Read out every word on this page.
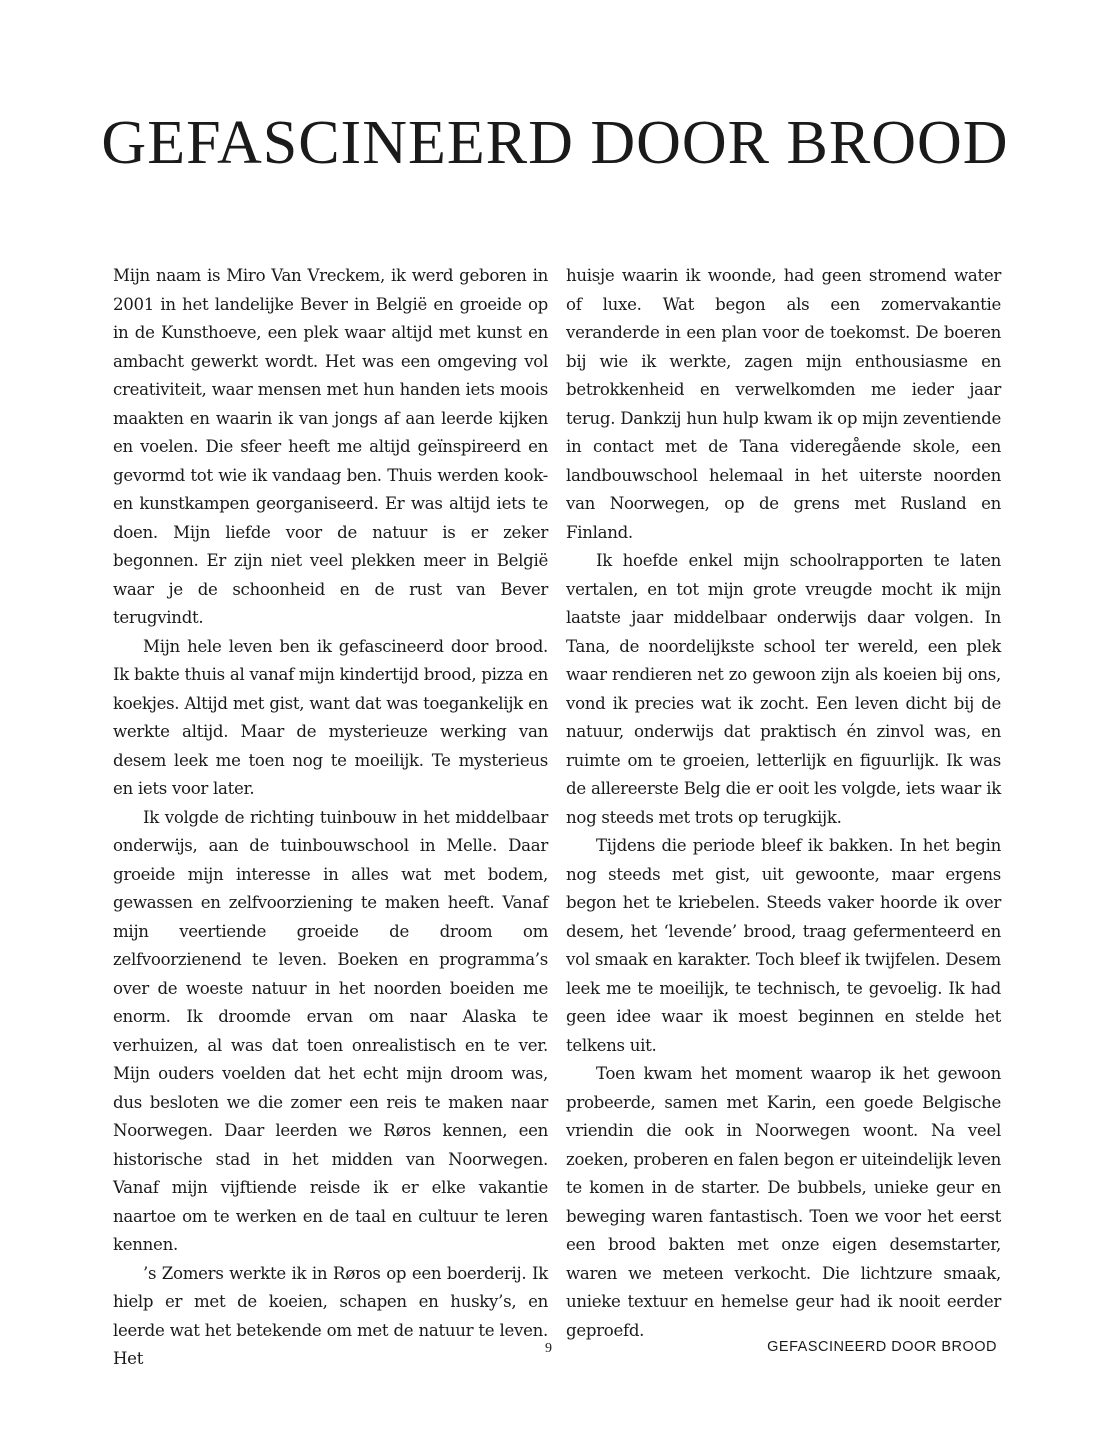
GEFASCINEERD DOOR BROOD

Mijn naam is Miro Van Vreckem, ik werd geboren in 2001 in het landelijke Bever in België en groeide op in de Kunsthoeve, een plek waar altijd met kunst en ambacht gewerkt wordt. Het was een omgeving vol creativiteit, waar mensen met hun handen iets moois maakten en waarin ik van jongs af aan leerde kijken en voelen. Die sfeer heeft me altijd geïnspireerd en gevormd tot wie ik vandaag ben. Thuis werden kook- en kunstkampen georganiseerd. Er was altijd iets te doen. Mijn liefde voor de natuur is er zeker begonnen. Er zijn niet veel plekken meer in België waar je de schoonheid en de rust van Bever terugvindt.

Mijn hele leven ben ik gefascineerd door brood. Ik bakte thuis al vanaf mijn kindertijd brood, pizza en koekjes. Altijd met gist, want dat was toegankelijk en werkte altijd. Maar de mysterieuze werking van desem leek me toen nog te moeilijk. Te mysterieus en iets voor later.

Ik volgde de richting tuinbouw in het middelbaar onderwijs, aan de tuinbouwschool in Melle. Daar groeide mijn interesse in alles wat met bodem, gewassen en zelfvoorziening te maken heeft. Vanaf mijn veertiende groeide de droom om zelfvoorzienend te leven. Boeken en programma’s over de woeste natuur in het noorden boeiden me enorm. Ik droomde ervan om naar Alaska te verhuizen, al was dat toen onrealistisch en te ver. Mijn ouders voelden dat het echt mijn droom was, dus besloten we die zomer een reis te maken naar Noorwegen. Daar leerden we Røros kennen, een historische stad in het midden van Noorwegen. Vanaf mijn vijftiende reisde ik er elke vakantie naartoe om te werken en de taal en cultuur te leren kennen.

’s Zomers werkte ik in Røros op een boerderij. Ik hielp er met de koeien, schapen en husky’s, en leerde wat het betekende om met de natuur te leven. Het

huisje waarin ik woonde, had geen stromend water of luxe. Wat begon als een zomervakantie veranderde in een plan voor de toekomst. De boeren bij wie ik werkte, zagen mijn enthousiasme en betrokkenheid en verwelkomden me ieder jaar terug. Dankzij hun hulp kwam ik op mijn zeventiende in contact met de Tana videregående skole, een landbouwschool helemaal in het uiterste noorden van Noorwegen, op de grens met Rusland en Finland.

Ik hoefde enkel mijn schoolrapporten te laten vertalen, en tot mijn grote vreugde mocht ik mijn laatste jaar middelbaar onderwijs daar volgen. In Tana, de noordelijkste school ter wereld, een plek waar rendieren net zo gewoon zijn als koeien bij ons, vond ik precies wat ik zocht. Een leven dicht bij de natuur, onderwijs dat praktisch én zinvol was, en ruimte om te groeien, letterlijk en figuurlijk. Ik was de allereerste Belg die er ooit les volgde, iets waar ik nog steeds met trots op terugkijk.

Tijdens die periode bleef ik bakken. In het begin nog steeds met gist, uit gewoonte, maar ergens begon het te kriebelen. Steeds vaker hoorde ik over desem, het ‘levende’ brood, traag gefermenteerd en vol smaak en karakter. Toch bleef ik twijfelen. Desem leek me te moeilijk, te technisch, te gevoelig. Ik had geen idee waar ik moest beginnen en stelde het telkens uit.

Toen kwam het moment waarop ik het gewoon probeerde, samen met Karin, een goede Belgische vriendin die ook in Noorwegen woont. Na veel zoeken, proberen en falen begon er uiteindelijk leven te komen in de starter. De bubbels, unieke geur en beweging waren fantastisch. Toen we voor het eerst een brood bakten met onze eigen desemstarter, waren we meteen verkocht. Die lichtzure smaak, unieke textuur en hemelse geur had ik nooit eerder geproefd.

9	GEFASCINEERD DOOR BROOD
